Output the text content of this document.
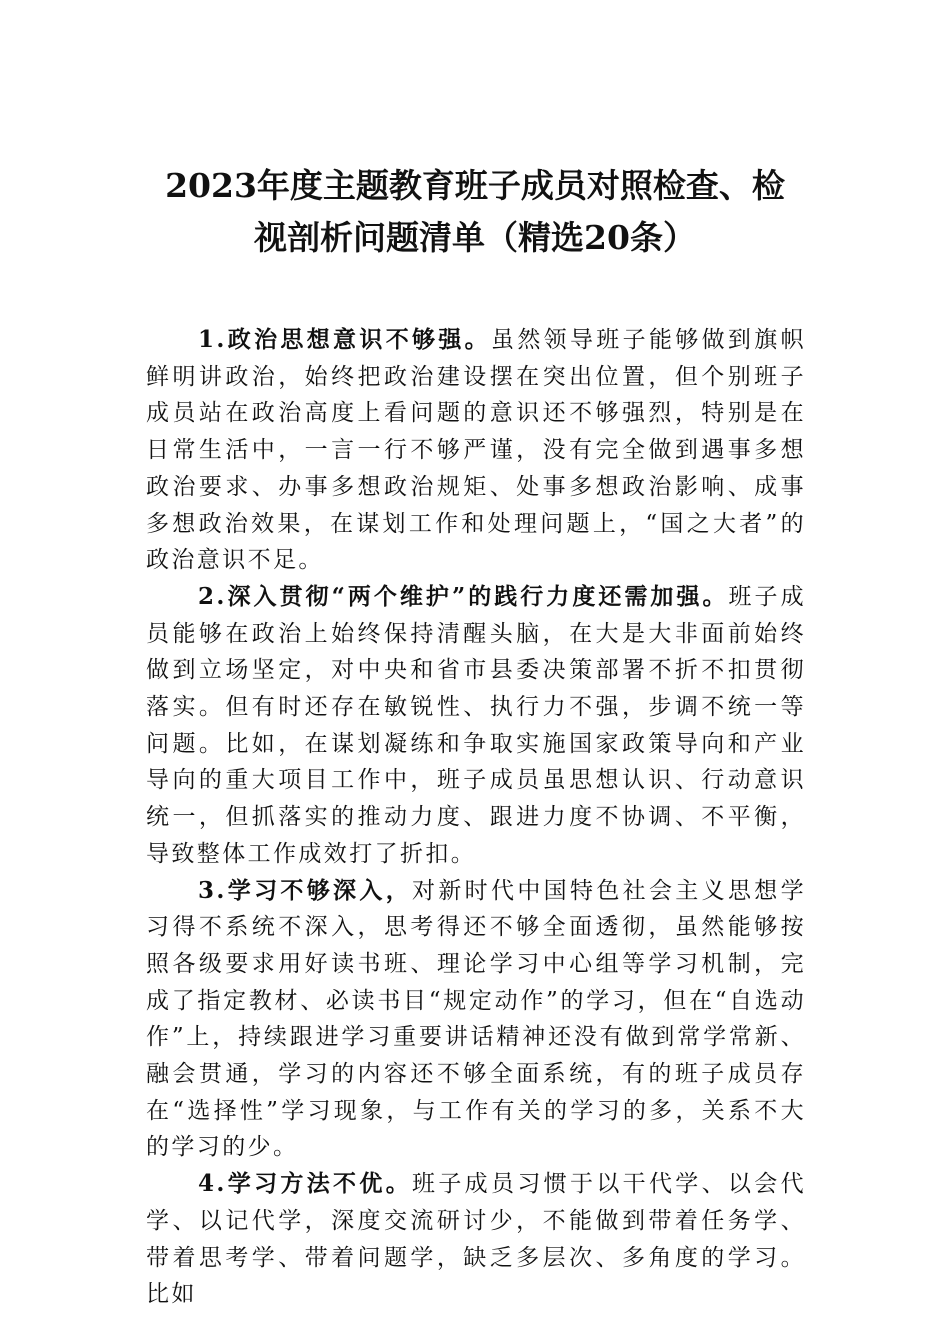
2023年度主题教育班子成员对照检查、检
视剖析问题清单（精选20条）

1.政治思想意识不够强。虽然领导班子能够做到旗帜鲜明讲政治，始终把政治建设摆在突出位置，但个别班子成员站在政治高度上看问题的意识还不够强烈，特别是在日常生活中，一言一行不够严谨，没有完全做到遇事多想政治要求、办事多想政治规矩、处事多想政治影响、成事多想政治效果，在谋划工作和处理问题上，“国之大者”的政治意识不足。

2.深入贯彻“两个维护”的践行力度还需加强。班子成员能够在政治上始终保持清醒头脑，在大是大非面前始终做到立场坚定，对中央和省市县委决策部署不折不扣贯彻落实。但有时还存在敏锐性、执行力不强，步调不统一等问题。比如，在谋划凝练和争取实施国家政策导向和产业导向的重大项目工作中，班子成员虽思想认识、行动意识统一，但抓落实的推动力度、跟进力度不协调、不平衡，导致整体工作成效打了折扣。

3.学习不够深入，对新时代中国特色社会主义思想学习得不系统不深入，思考得还不够全面透彻，虽然能够按照各级要求用好读书班、理论学习中心组等学习机制，完成了指定教材、必读书目“规定动作”的学习，但在“自选动作”上，持续跟进学习重要讲话精神还没有做到常学常新、融会贯通，学习的内容还不够全面系统，有的班子成员存在“选择性”学习现象，与工作有关的学习的多，关系不大的学习的少。

4.学习方法不优。班子成员习惯于以干代学、以会代学、以记代学，深度交流研讨少，不能做到带着任务学、带着思考学、带着问题学，缺乏多层次、多角度的学习。比如
